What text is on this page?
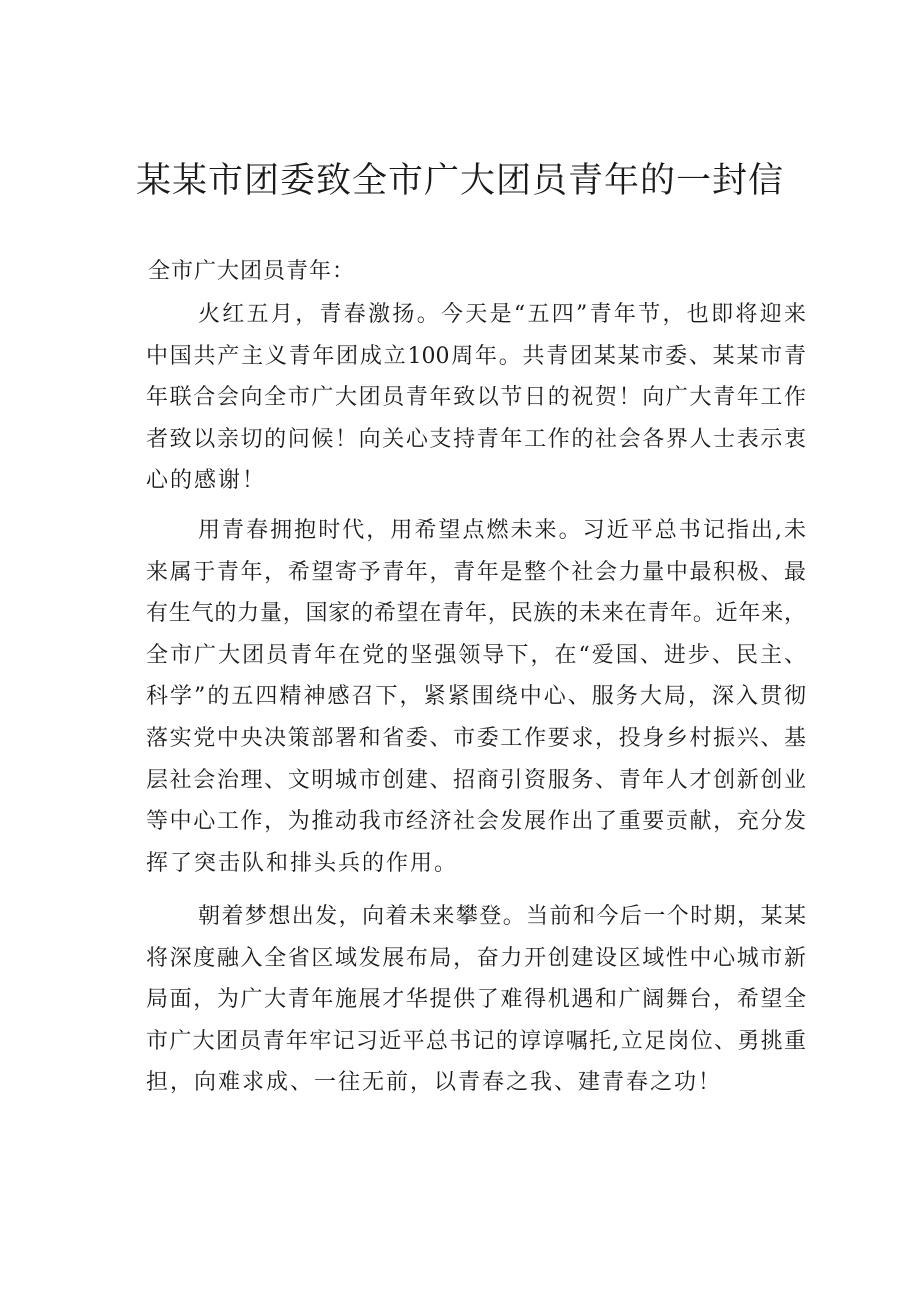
某某市团委致全市广大团员青年的一封信

全市广大团员青年：

火红五月，青春激扬。今天是“五四”青年节，也即将迎来
中国共产主义青年团成立100周年。共青团某某市委、某某市青
年联合会向全市广大团员青年致以节日的祝贺！向广大青年工作
者致以亲切的问候！向关心支持青年工作的社会各界人士表示衷
心的感谢！
用青春拥抱时代，用希望点燃未来。习近平总书记指出,未
来属于青年，希望寄予青年，青年是整个社会力量中最积极、最
有生气的力量，国家的希望在青年，民族的未来在青年。近年来，
全市广大团员青年在党的坚强领导下，在“爱国、进步、民主、
科学”的五四精神感召下，紧紧围绕中心、服务大局，深入贯彻
落实党中央决策部署和省委、市委工作要求，投身乡村振兴、基
层社会治理、文明城市创建、招商引资服务、青年人才创新创业
等中心工作，为推动我市经济社会发展作出了重要贡献，充分发
挥了突击队和排头兵的作用。
朝着梦想出发，向着未来攀登。当前和今后一个时期，某某
将深度融入全省区域发展布局，奋力开创建设区域性中心城市新
局面，为广大青年施展才华提供了难得机遇和广阔舞台，希望全
市广大团员青年牢记习近平总书记的谆谆嘱托,立足岗位、勇挑重
担，向难求成、一往无前，以青春之我、建青春之功！
